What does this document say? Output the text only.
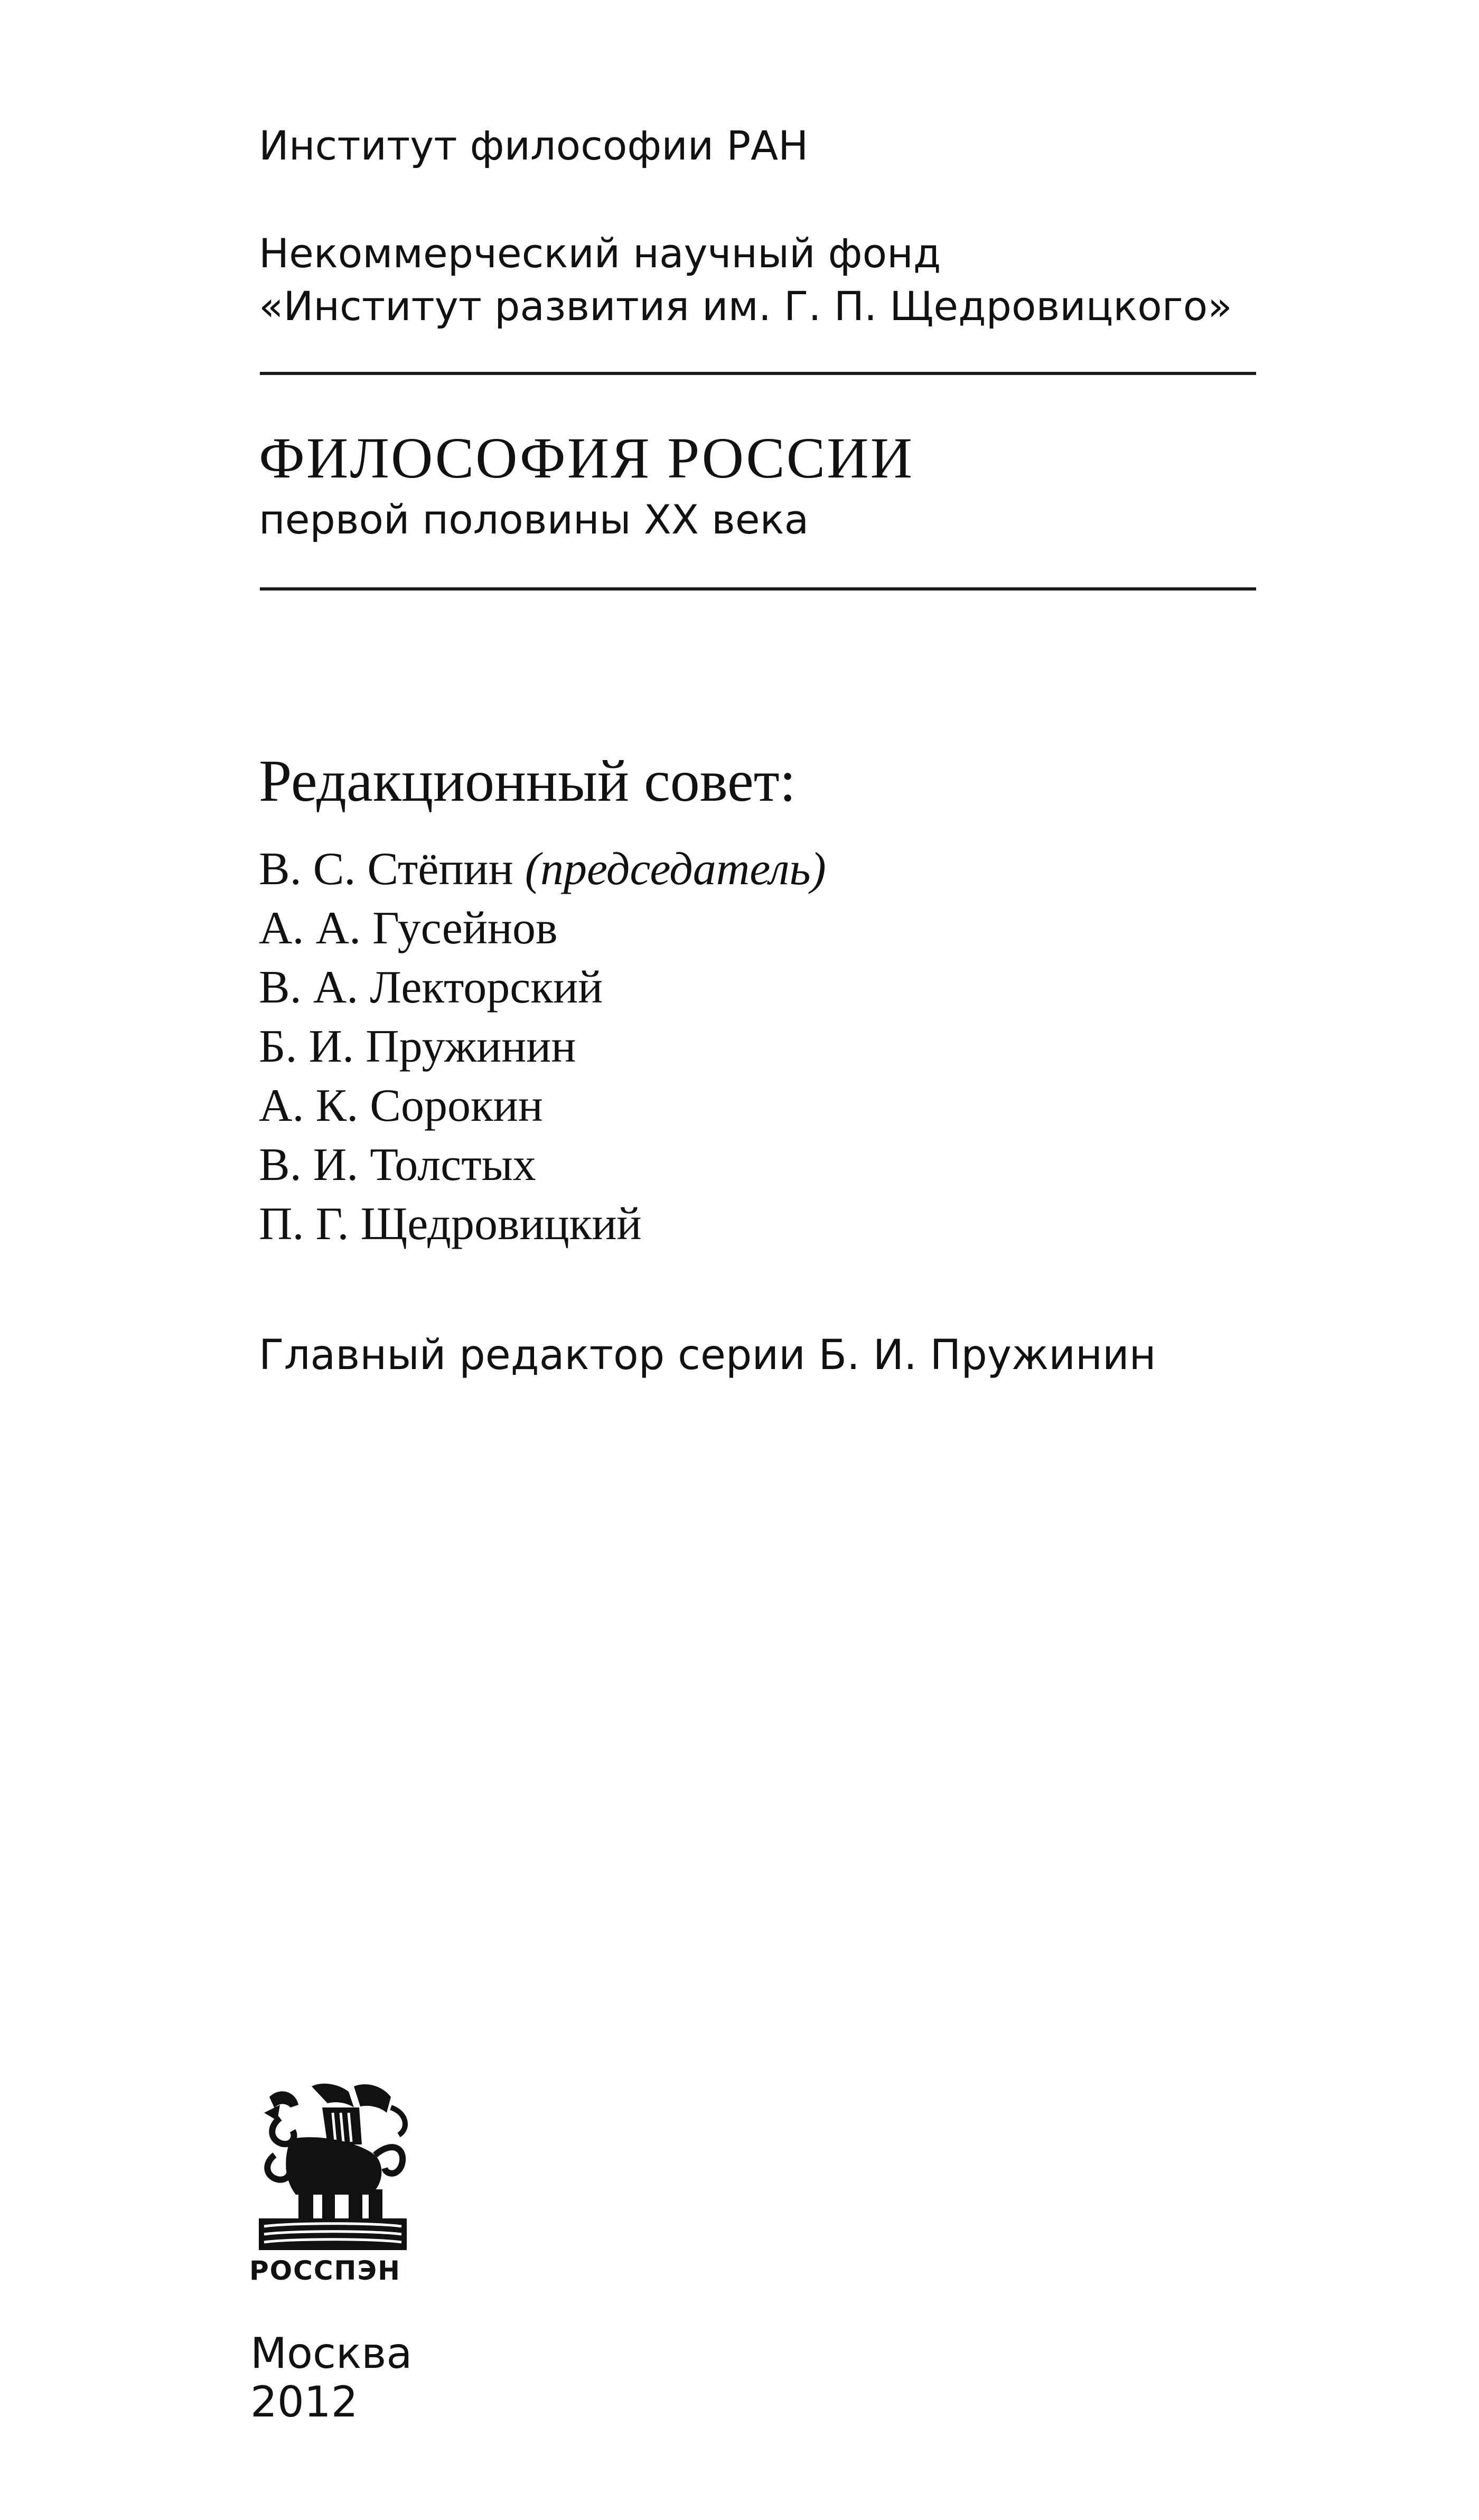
Институт философии РАН
Некоммерческий научный фонд
«Институт развития им. Г. П. Щедровицкого»
ФИЛОСОФИЯ РОССИИ
первой половины XX века
Редакционный совет:
В. С. Стёпин (председатель)
А. А. Гусейнов
В. А. Лекторский
Б. И. Пружинин
А. К. Сорокин
В. И. Толстых
П. Г. Щедровицкий
Главный редактор серии Б. И. Пружинин
РОССПЭН
Москва
2012
